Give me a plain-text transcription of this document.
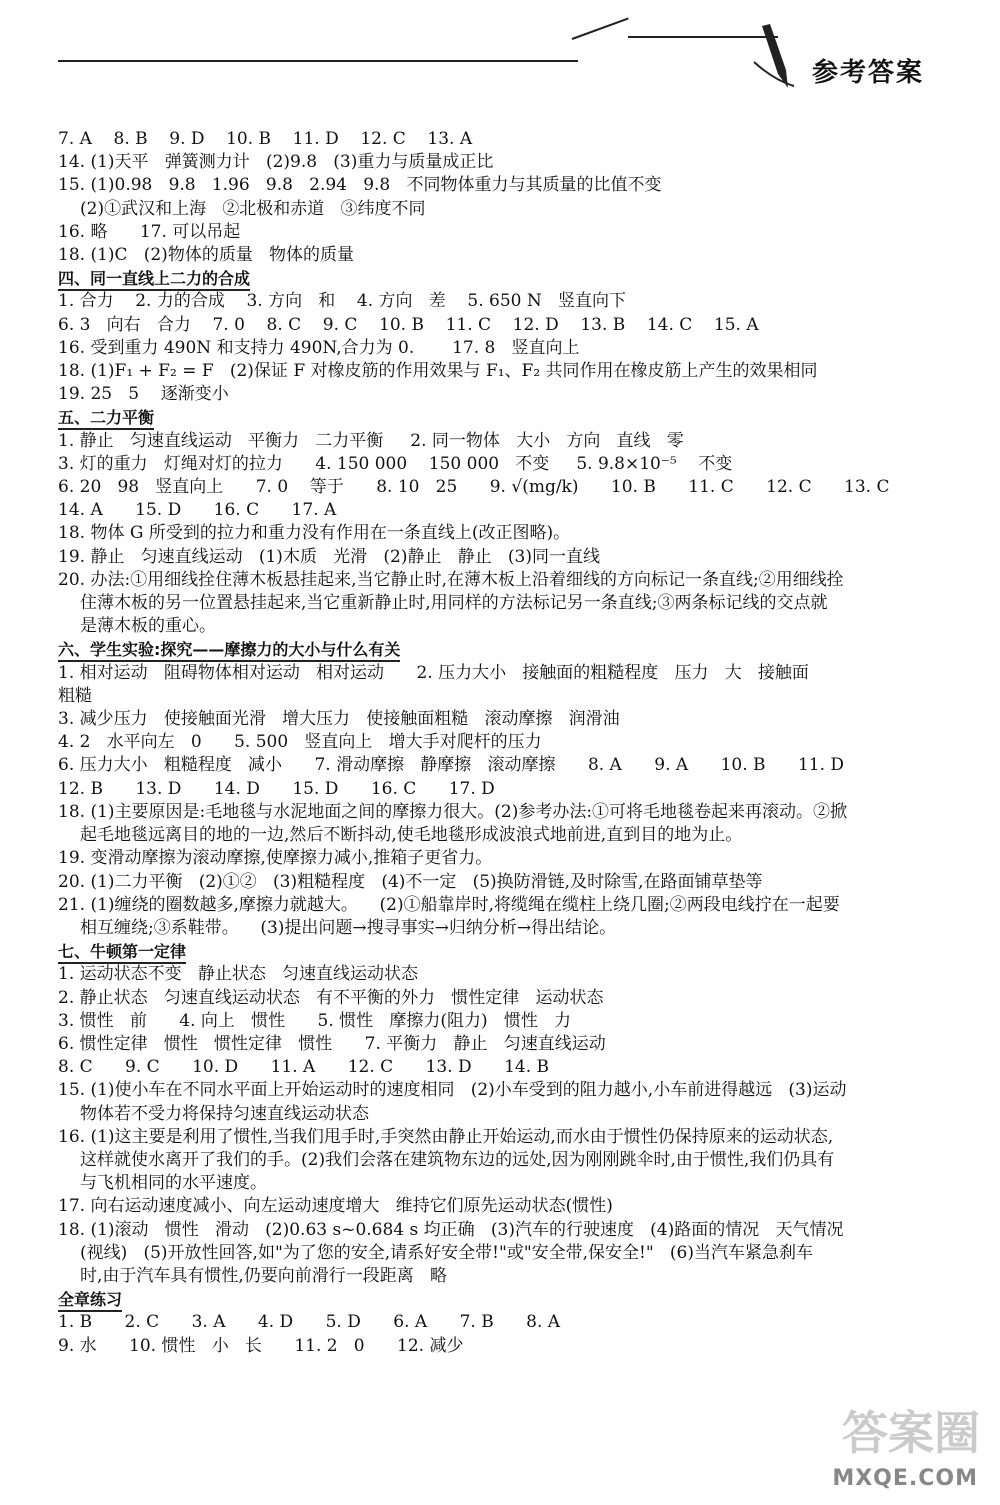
参考答案
7. A    8. B    9. D    10. B    11. D    12. C    13. A
14. (1)天平   弹簧测力计   (2)9.8   (3)重力与质量成正比
15. (1)0.98   9.8   1.96   9.8   2.94   9.8   不同物体重力与其质量的比值不变
(2)①武汉和上海   ②北极和赤道   ③纬度不同
16. 略      17. 可以吊起
18. (1)C   (2)物体的质量   物体的质量
四、同一直线上二力的合成
1. 合力    2. 力的合成    3. 方向   和    4. 方向   差    5. 650 N   竖直向下
6. 3   向右   合力    7. 0    8. C    9. C    10. B    11. C    12. D    13. B    14. C    15. A
16. 受到重力 490N 和支持力 490N,合力为 0.       17. 8   竖直向上
18. (1)F₁ + F₂ = F   (2)保证 F 对橡皮筋的作用效果与 F₁、F₂ 共同作用在橡皮筋上产生的效果相同
19. 25   5    逐渐变小
五、二力平衡
1. 静止   匀速直线运动   平衡力   二力平衡     2. 同一物体   大小   方向   直线   零
3. 灯的重力   灯绳对灯的拉力      4. 150 000    150 000   不变     5. 9.8×10⁻⁵    不变
6. 20   98   竖直向上      7. 0    等于      8. 10   25      9. √(mg/k)      10. B      11. C      12. C      13. C
14. A      15. D      16. C      17. A
18. 物体 G 所受到的拉力和重力没有作用在一条直线上(改正图略)。
19. 静止   匀速直线运动   (1)木质   光滑   (2)静止   静止   (3)同一直线
20. 办法:①用细线拴住薄木板悬挂起来,当它静止时,在薄木板上沿着细线的方向标记一条直线;②用细线拴
住薄木板的另一位置悬挂起来,当它重新静止时,用同样的方法标记另一条直线;③两条标记线的交点就
是薄木板的重心。
六、学生实验:探究——摩擦力的大小与什么有关
1. 相对运动   阻碍物体相对运动   相对运动      2. 压力大小   接触面的粗糙程度   压力   大   接触面
粗糙
3. 减少压力   使接触面光滑   增大压力   使接触面粗糙   滚动摩擦   润滑油
4. 2   水平向左   0      5. 500   竖直向上   增大手对爬杆的压力
6. 压力大小   粗糙程度   减小      7. 滑动摩擦   静摩擦   滚动摩擦      8. A      9. A      10. B      11. D
12. B      13. D      14. D      15. D      16. C      17. D
18. (1)主要原因是:毛地毯与水泥地面之间的摩擦力很大。(2)参考办法:①可将毛地毯卷起来再滚动。②掀
起毛地毯远离目的地的一边,然后不断抖动,使毛地毯形成波浪式地前进,直到目的地为止。
19. 变滑动摩擦为滚动摩擦,使摩擦力减小,推箱子更省力。
20. (1)二力平衡   (2)①②   (3)粗糙程度   (4)不一定   (5)换防滑链,及时除雪,在路面铺草垫等
21. (1)缠绕的圈数越多,摩擦力就越大。    (2)①船靠岸时,将缆绳在缆柱上绕几圈;②两段电线拧在一起要
相互缠绕;③系鞋带。    (3)提出问题→搜寻事实→归纳分析→得出结论。
七、牛顿第一定律
1. 运动状态不变   静止状态   匀速直线运动状态
2. 静止状态   匀速直线运动状态   有不平衡的外力   惯性定律   运动状态
3. 惯性   前      4. 向上   惯性      5. 惯性   摩擦力(阻力)   惯性   力
6. 惯性定律   惯性   惯性定律   惯性      7. 平衡力   静止   匀速直线运动
8. C      9. C      10. D      11. A      12. C      13. D      14. B
15. (1)使小车在不同水平面上开始运动时的速度相同   (2)小车受到的阻力越小,小车前进得越远   (3)运动
物体若不受力将保持匀速直线运动状态
16. (1)这主要是利用了惯性,当我们甩手时,手突然由静止开始运动,而水由于惯性仍保持原来的运动状态,
这样就使水离开了我们的手。(2)我们会落在建筑物东边的远处,因为刚刚跳伞时,由于惯性,我们仍具有
与飞机相同的水平速度。
17. 向右运动速度减小、向左运动速度增大   维持它们原先运动状态(惯性)
18. (1)滚动   惯性   滑动   (2)0.63 s~0.684 s 均正确   (3)汽车的行驶速度   (4)路面的情况   天气情况
(视线)   (5)开放性回答,如"为了您的安全,请系好安全带!"或"安全带,保安全!"   (6)当汽车紧急刹车
时,由于汽车具有惯性,仍要向前滑行一段距离   略
全章练习
1. B      2. C      3. A      4. D      5. D      6. A      7. B      8. A
9. 水      10. 惯性   小   长      11. 2   0      12. 减少
答案圈
MXQE.COM
